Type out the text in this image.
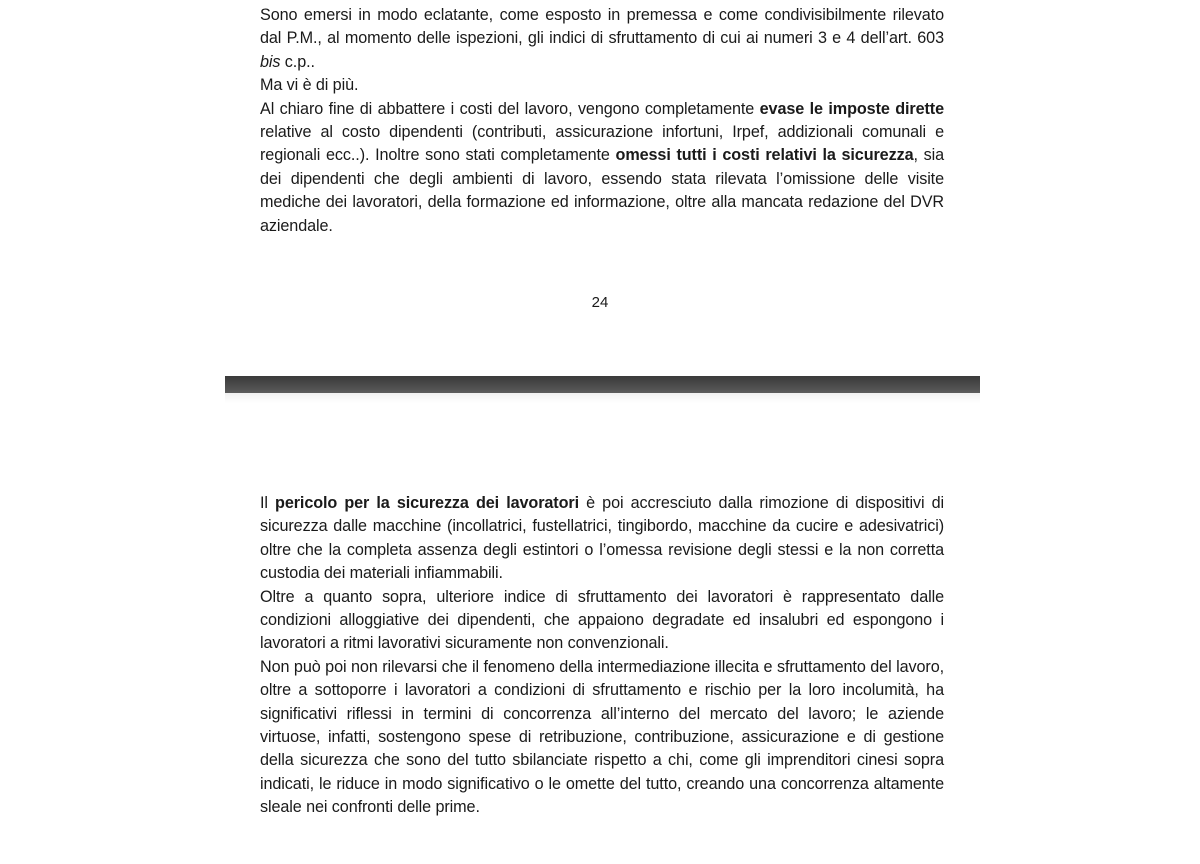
Sono emersi in modo eclatante, come esposto in premessa e come condivisibilmente rilevato dal P.M., al momento delle ispezioni, gli indici di sfruttamento di cui ai numeri 3 e 4 dell’art. 603 bis c.p..

Ma vi è di più.

Al chiaro fine di abbattere i costi del lavoro, vengono completamente evase le imposte dirette relative al costo dipendenti (contributi, assicurazione infortuni, Irpef, addizionali comunali e regionali ecc..). Inoltre sono stati completamente omessi tutti i costi relativi la sicurezza, sia dei dipendenti che degli ambienti di lavoro, essendo stata rilevata l’omissione delle visite mediche dei lavoratori, della formazione ed informazione, oltre alla mancata redazione del DVR aziendale.

24

Il pericolo per la sicurezza dei lavoratori è poi accresciuto dalla rimozione di dispositivi di sicurezza dalle macchine (incollatrici, fustellatrici, tingibordo, macchine da cucire e adesivatrici) oltre che la completa assenza degli estintori o l’omessa revisione degli stessi e la non corretta custodia dei materiali infiammabili.

Oltre a quanto sopra, ulteriore indice di sfruttamento dei lavoratori è rappresentato dalle condizioni alloggiative dei dipendenti, che appaiono degradate ed insalubri ed espongono i lavoratori a ritmi lavorativi sicuramente non convenzionali.

Non può poi non rilevarsi che il fenomeno della intermediazione illecita e sfruttamento del lavoro, oltre a sottoporre i lavoratori a condizioni di sfruttamento e rischio per la loro incolumità, ha significativi riflessi in termini di concorrenza all’interno del mercato del lavoro; le aziende virtuose, infatti, sostengono spese di retribuzione, contribuzione, assicurazione e di gestione della sicurezza che sono del tutto sbilanciate rispetto a chi, come gli imprenditori cinesi sopra indicati, le riduce in modo significativo o le omette del tutto, creando una concorrenza altamente sleale nei confronti delle prime.
